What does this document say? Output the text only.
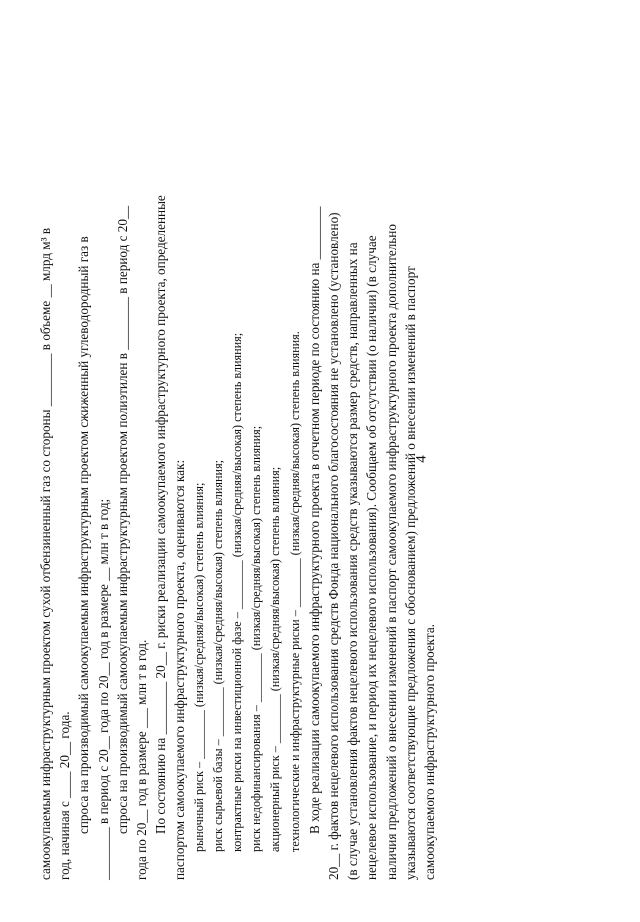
4
самоокупаемым инфраструктурным проектом сухой отбензиненный газ со стороны ________ в объеме __ млрд м³ в год, начиная с ____ 20__ года. спроса на производимый самоокупаемым инфраструктурным проектом сжиженный углеводородный газ в ________ в период с 20__ года по 20__ год в размере __ млн т в год; спроса на производимый самоокупаемым инфраструктурным проектом полиэтилен в ________ в период с 20__ года по 20__ год в размере ___ млн т в год. По состоянию на ________ 20__ г. риски реализации самоокупаемого инфраструктурного проекта, определенные паспортом самоокупаемого инфраструктурного проекта, оцениваются как: рыночный риск – ________ (низкая/средняя/высокая) степень влияния; риск сырьевой базы – ________ (низкая/средняя/высокая) степень влияния; контрактные риски на инвестиционной фазе – ________ (низкая/средняя/высокая) степень влияния; риск недофинансирования – ________ (низкая/средняя/высокая) степень влияния; акционерный риск – ________ (низкая/средняя/высокая) степень влияния; технологические и инфраструктурные риски – ________ (низкая/средняя/высокая) степень влияния. В ходе реализации самоокупаемого инфраструктурного проекта в отчетном периоде по состоянию на ________ 20__ г. фактов нецелевого использования средств Фонда национального благосостояния не установлено (установлено) (в случае установления фактов нецелевого использования средств указываются размер средств, направленных на нецелевое использование, и период их нецелевого использования). Сообщаем об отсутствии (о наличии) (в случае наличия предложений о внесении изменений в паспорт самоокупаемого инфраструктурного проекта дополнительно указываются соответствующие предложения с обоснованием) предложений о внесении изменений в паспорт самоокупаемого инфраструктурного проекта.
